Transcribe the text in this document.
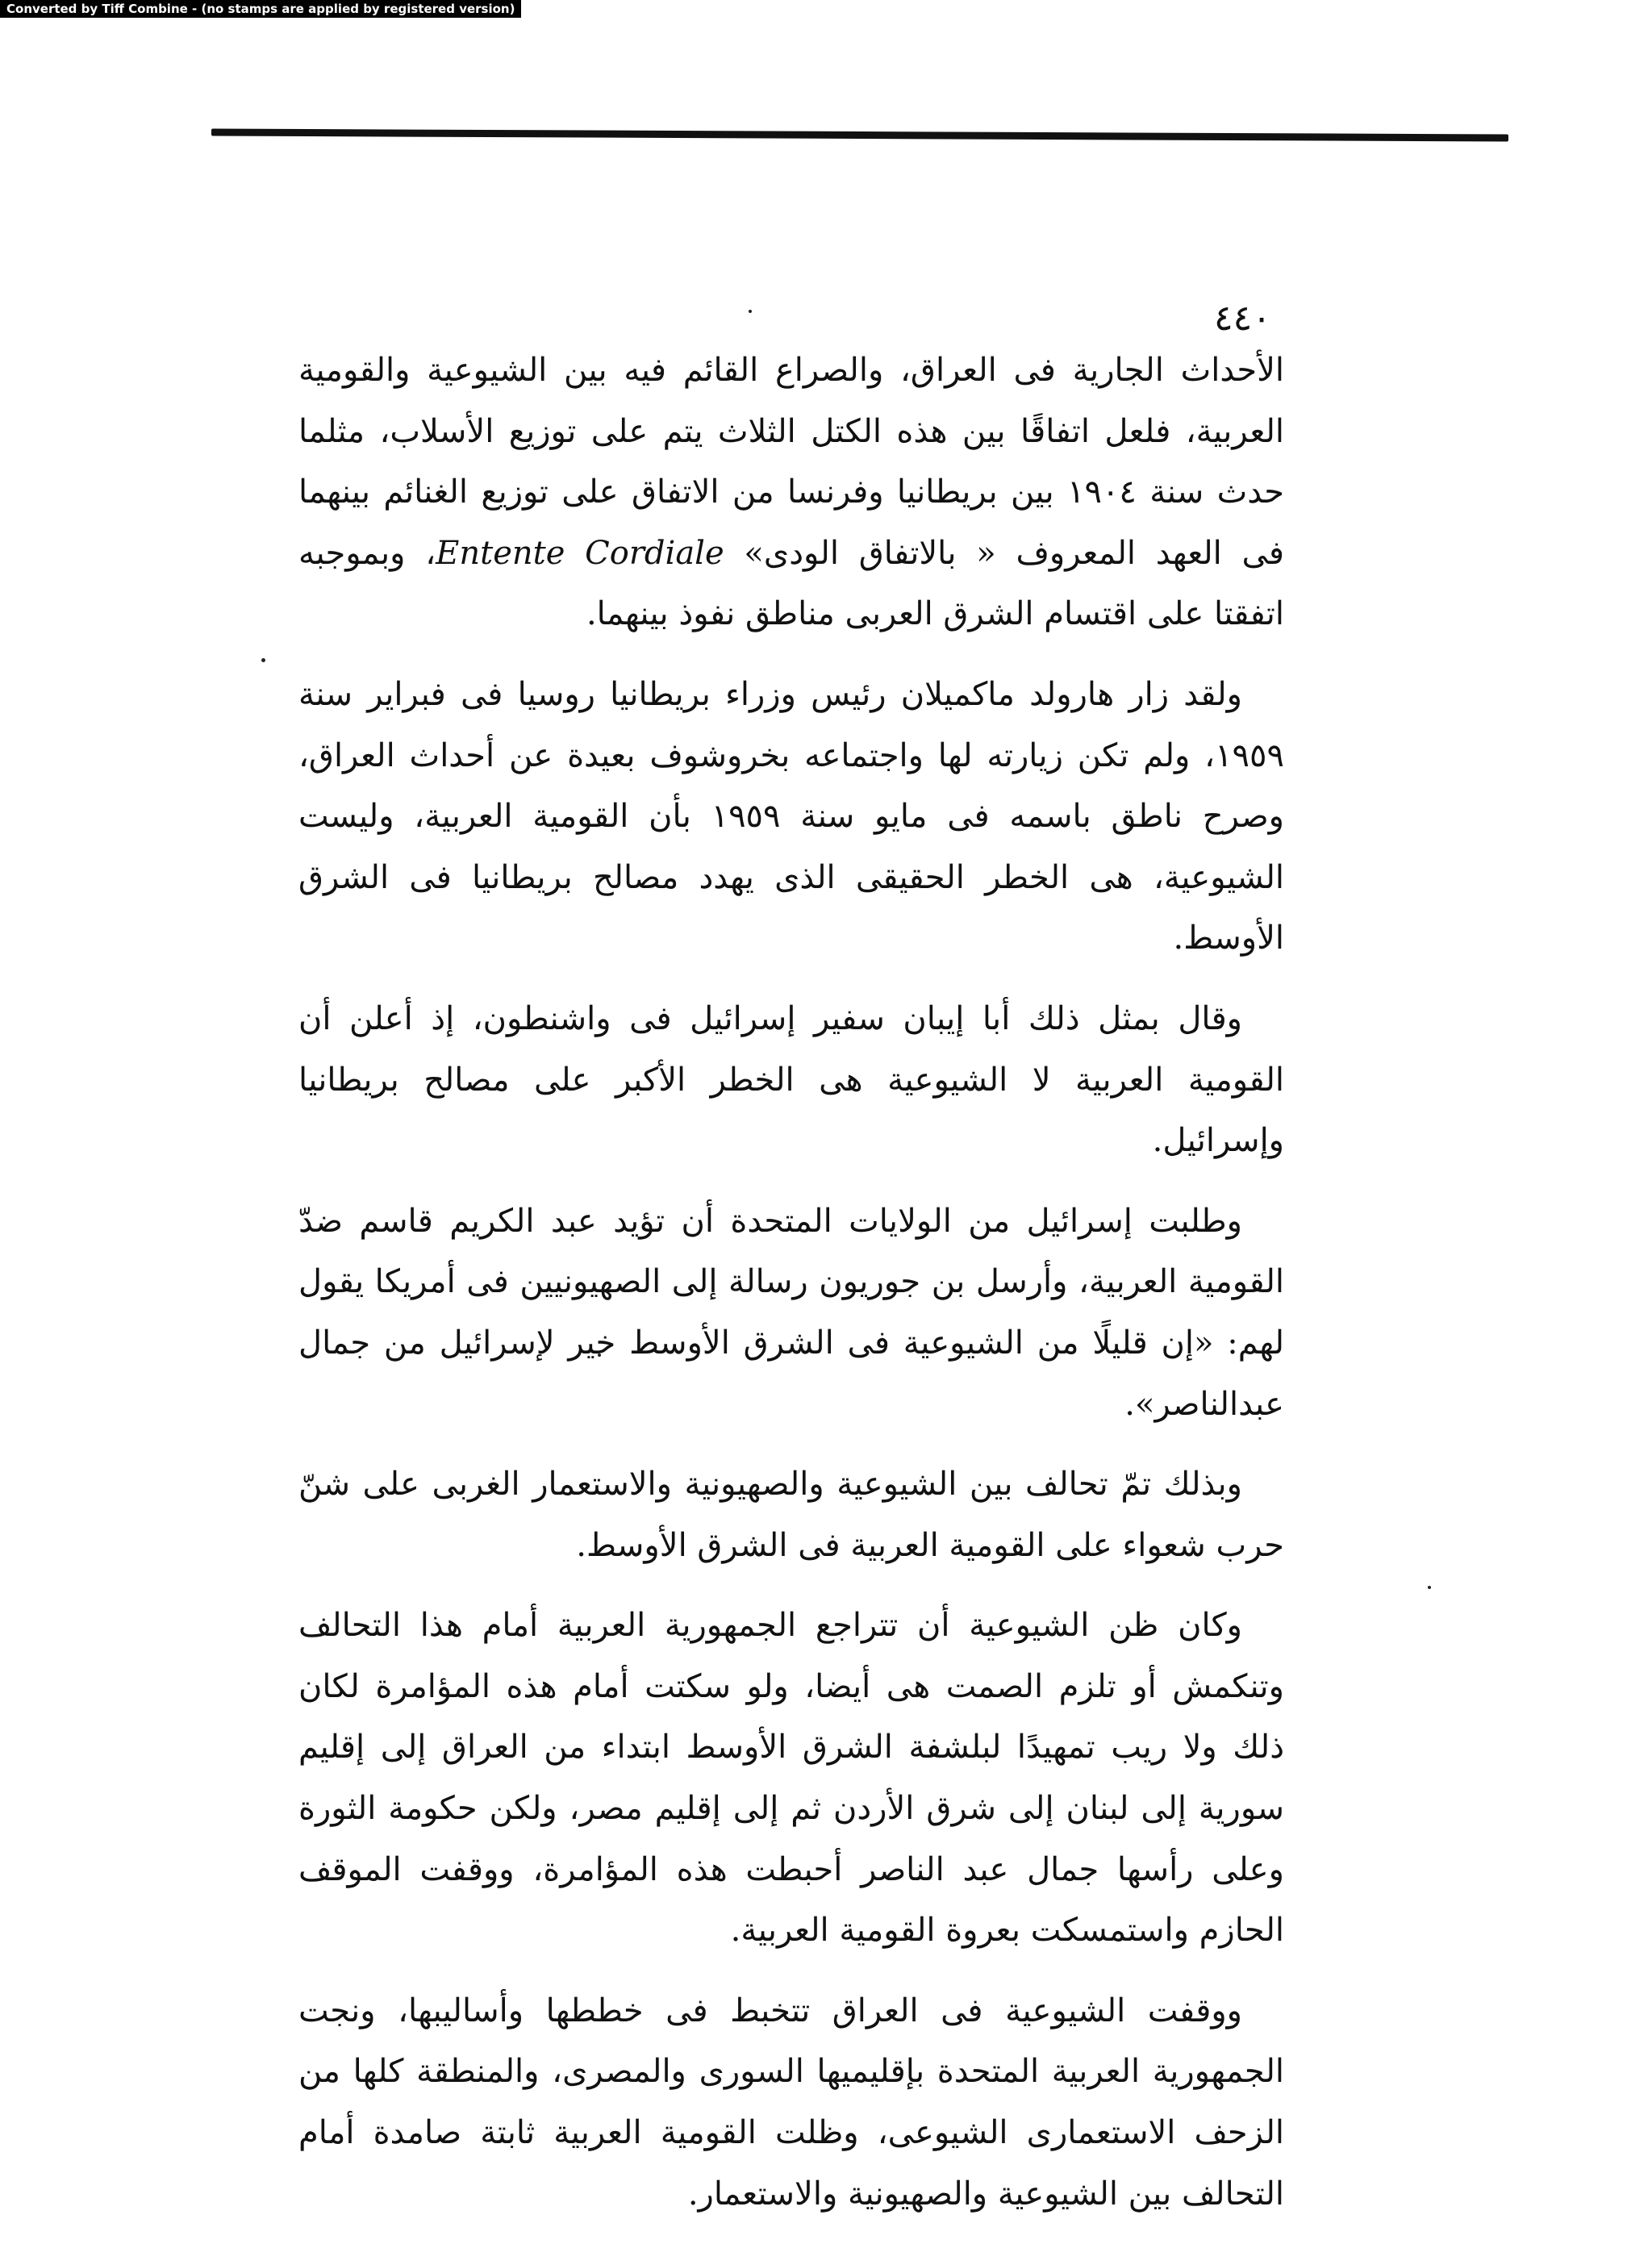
Converted by Tiff Combine - (no stamps are applied by registered version)
٤٤٠

الأحداث الجارية فى العراق، والصراع القائم فيه بين الشيوعية والقومية العربية، فلعل اتفاقًا بين هذه الكتل الثلاث يتم على توزيع الأسلاب، مثلما حدث سنة ١٩٠٤ بين بريطانيا وفرنسا من الاتفاق على توزيع الغنائم بينهما فى العهد المعروف « بالاتفاق الودى» Entente Cordiale، وبموجبه اتفقتا على اقتسام الشرق العربى مناطق نفوذ بينهما.

ولقد زار هارولد ماكميلان رئيس وزراء بريطانيا روسيا فى فبراير سنة ١٩٥٩، ولم تكن زيارته لها واجتماعه بخروشوف بعيدة عن أحداث العراق، وصرح ناطق باسمه فى مايو سنة ١٩٥٩ بأن القومية العربية، وليست الشيوعية، هى الخطر الحقيقى الذى يهدد مصالح بريطانيا فى الشرق الأوسط.

وقال بمثل ذلك أبا إيبان سفير إسرائيل فى واشنطون، إذ أعلن أن القومية العربية لا الشيوعية هى الخطر الأكبر على مصالح بريطانيا وإسرائيل.

وطلبت إسرائيل من الولايات المتحدة أن تؤيد عبد الكريم قاسم ضدّ القومية العربية، وأرسل بن جوريون رسالة إلى الصهيونيين فى أمريكا يقول لهم: «إن قليلًا من الشيوعية فى الشرق الأوسط خير لإسرائيل من جمال عبدالناصر».

وبذلك تمّ تحالف بين الشيوعية والصهيونية والاستعمار الغربى على شنّ حرب شعواء على القومية العربية فى الشرق الأوسط.

وكان ظن الشيوعية أن تتراجع الجمهورية العربية أمام هذا التحالف وتنكمش أو تلزم الصمت هى أيضا، ولو سكتت أمام هذه المؤامرة لكان ذلك ولا ريب تمهيدًا لبلشفة الشرق الأوسط ابتداء من العراق إلى إقليم سورية إلى لبنان إلى شرق الأردن ثم إلى إقليم مصر، ولكن حكومة الثورة وعلى رأسها جمال عبد الناصر أحبطت هذه المؤامرة، ووقفت الموقف الحازم واستمسكت بعروة القومية العربية.

ووقفت الشيوعية فى العراق تتخبط فى خططها وأساليبها، ونجت الجمهورية العربية المتحدة بإقليميها السورى والمصرى، والمنطقة كلها من الزحف الاستعمارى الشيوعى، وظلت القومية العربية ثابتة صامدة أمام التحالف بين الشيوعية والصهيونية والاستعمار.
